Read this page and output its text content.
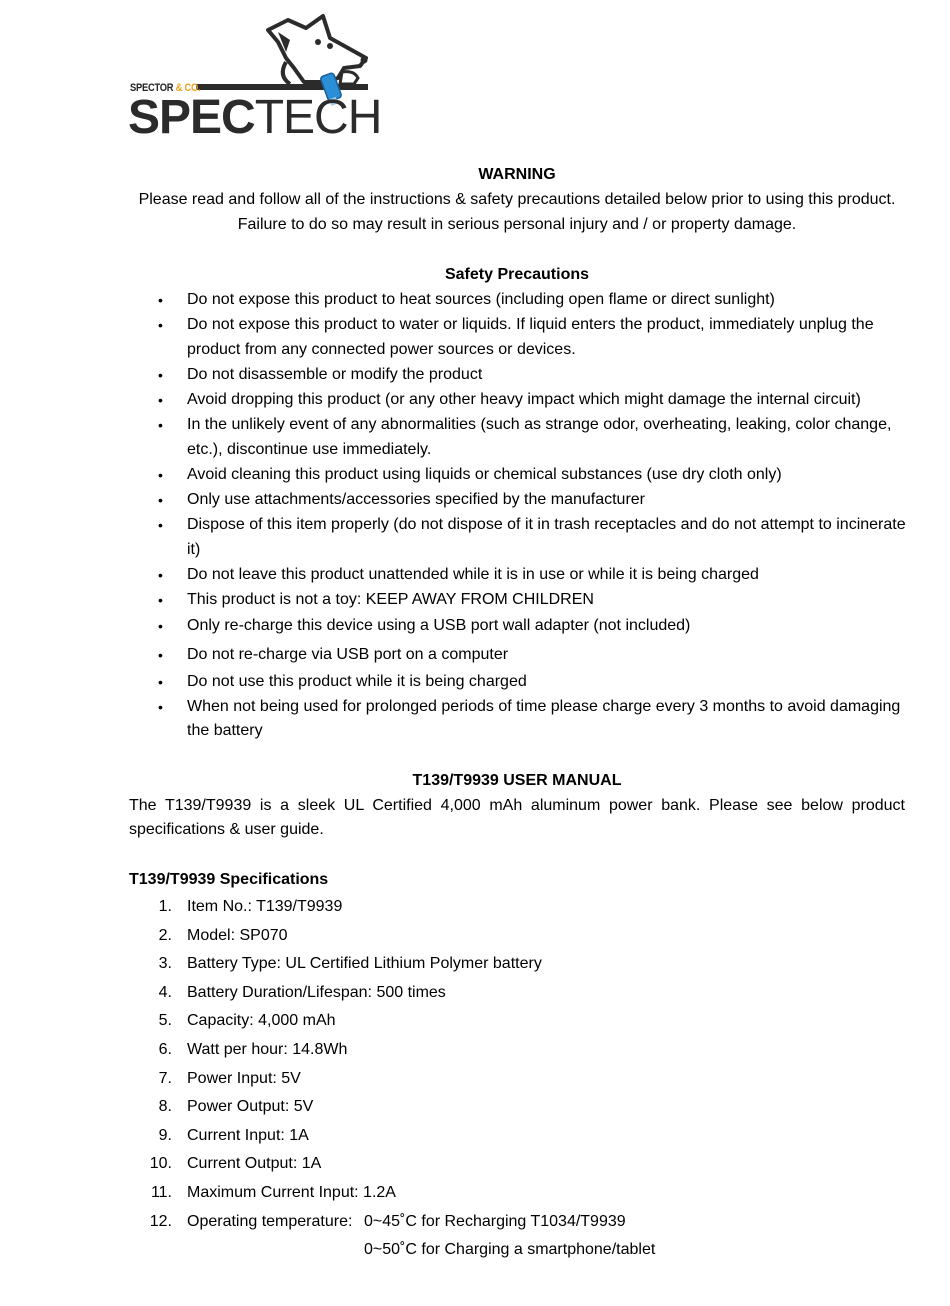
SPECTOR & CO.
SPECTECH
WARNING
Please read and follow all of the instructions & safety precautions detailed below prior to using this product.
Failure to do so may result in serious personal injury and / or property damage.
Safety Precautions
• Do not expose this product to heat sources (including open flame or direct sunlight)
• Do not expose this product to water or liquids. If liquid enters the product, immediately unplug the
product from any connected power sources or devices.
• Do not disassemble or modify the product
• Avoid dropping this product (or any other heavy impact which might damage the internal circuit)
• In the unlikely event of any abnormalities (such as strange odor, overheating, leaking, color change,
etc.), discontinue use immediately.
• Avoid cleaning this product using liquids or chemical substances (use dry cloth only)
• Only use attachments/accessories specified by the manufacturer
• Dispose of this item properly (do not dispose of it in trash receptacles and do not attempt to incinerate
it)
• Do not leave this product unattended while it is in use or while it is being charged
• This product is not a toy: KEEP AWAY FROM CHILDREN
• Only re-charge this device using a USB port wall adapter (not included)
• Do not re-charge via USB port on a computer
• Do not use this product while it is being charged
• When not being used for prolonged periods of time please charge every 3 months to avoid damaging
the battery
T139/T9939 USER MANUAL
The T139/T9939 is a sleek UL Certified 4,000 mAh aluminum power bank. Please see below product
specifications & user guide.
T139/T9939 Specifications
1. Item No.: T139/T9939
2. Model: SP070
3. Battery Type: UL Certified Lithium Polymer battery
4. Battery Duration/Lifespan: 500 times
5. Capacity: 4,000 mAh
6. Watt per hour: 14.8Wh
7. Power Input: 5V
8. Power Output: 5V
9. Current Input: 1A
10. Current Output: 1A
11. Maximum Current Input: 1.2A
12. Operating temperature: 0~45˚C for Recharging T1034/T9939
0~50˚C for Charging a smartphone/tablet
